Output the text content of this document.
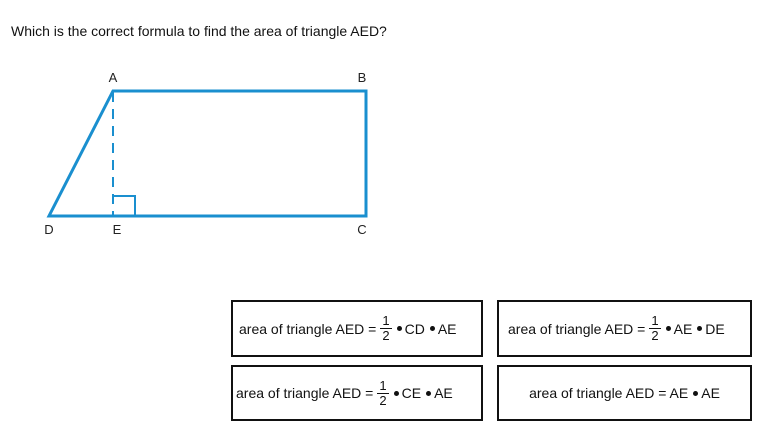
Which is the correct formula to find the area of triangle AED?
A	B
C
D	E
area of triangle AED = $\frac{1}{2}$ CD AE	area of triangle AED = $\frac{1}{2}$ AE DE
area of triangle AED = $\frac{1}{2}$ CE AE	area of triangle AED = AE AE
